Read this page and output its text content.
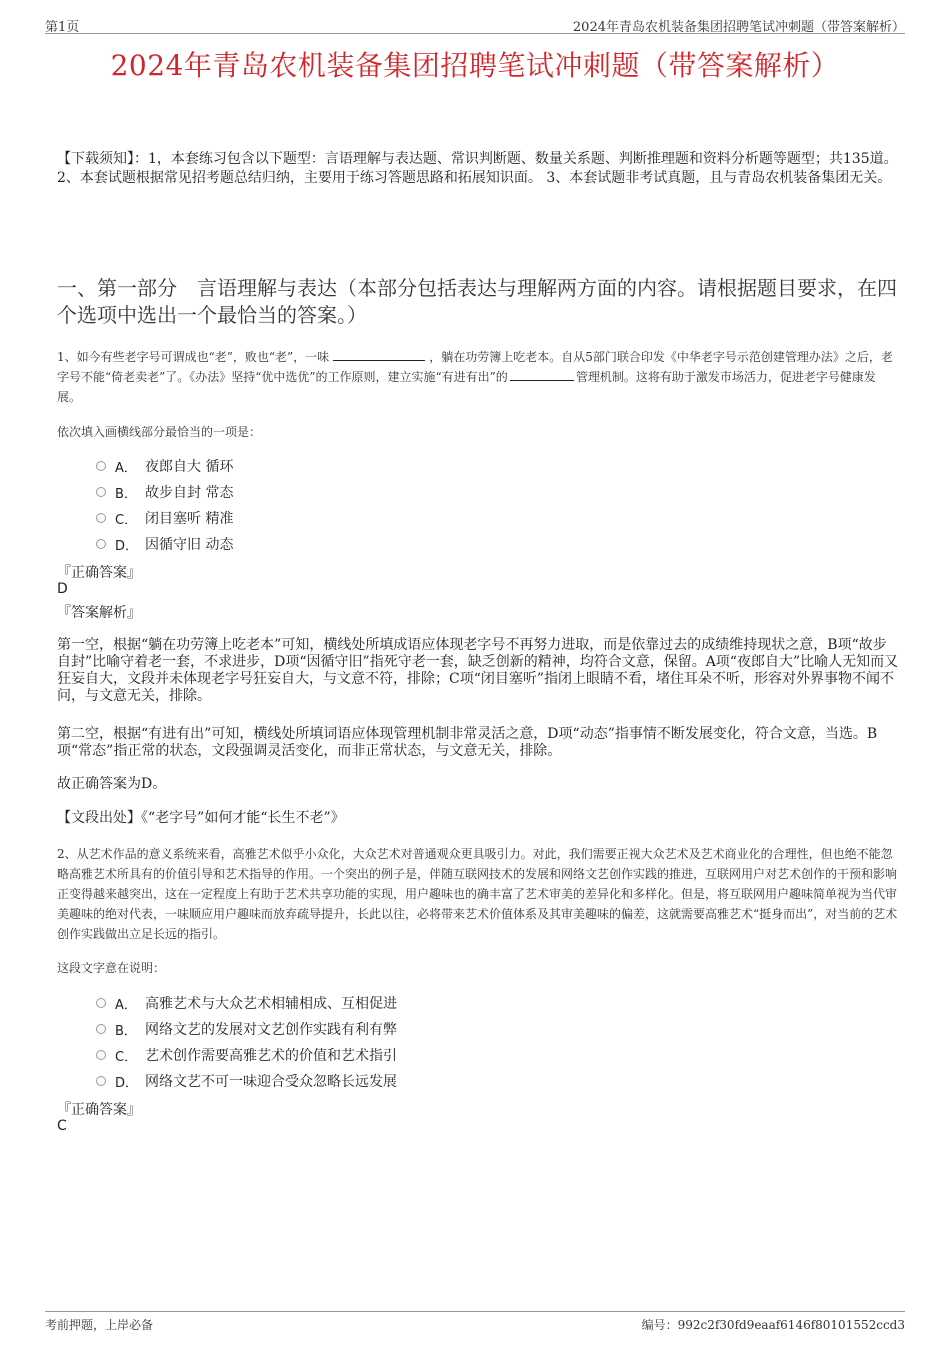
第1页	2024年青岛农机装备集团招聘笔试冲刺题（带答案解析）
2024年青岛农机装备集团招聘笔试冲刺题（带答案解析）
【下载须知】：1，本套练习包含以下题型：言语理解与表达题、常识判断题、数量关系题、判断推理题和资料分析题等题型；共135道。 2、本套试题根据常见招考题总结归纳，主要用于练习答题思路和拓展知识面。 3、本套试题非考试真题，且与青岛农机装备集团无关。
一、第一部分　言语理解与表达（本部分包括表达与理解两方面的内容。请根据题目要求，在四个选项中选出一个最恰当的答案。）
1、如今有些老字号可谓成也“老”，败也“老”，一味	，躺在功劳簿上吃老本。自从5部门联合印发《中华老字号示范创建管理办法》之后，老字号不能“倚老卖老”了。《办法》坚持“优中选优”的工作原则，建立实施“有进有出”的	管理机制。这将有助于激发市场活力，促进老字号健康发展。
依次填入画横线部分最恰当的一项是：
A． 夜郎自大 循环
B． 故步自封 常态
C． 闭目塞听 精准
D． 因循守旧 动态
『正确答案』
D
『答案解析』
第一空，根据“躺在功劳簿上吃老本”可知，横线处所填成语应体现老字号不再努力进取，而是依靠过去的成绩维持现状之意，B项“故步自封”比喻守着老一套，不求进步，D项“因循守旧”指死守老一套，缺乏创新的精神，均符合文意，保留。A项“夜郎自大”比喻人无知而又狂妄自大，文段并未体现老字号狂妄自大，与文意不符，排除；C项“闭目塞听”指闭上眼睛不看，堵住耳朵不听，形容对外界事物不闻不问，与文意无关，排除。
第二空，根据“有进有出”可知，横线处所填词语应体现管理机制非常灵活之意，D项“动态”指事情不断发展变化，符合文意，当选。B项“常态”指正常的状态，文段强调灵活变化，而非正常状态，与文意无关，排除。
故正确答案为D。
【文段出处】《“老字号”如何才能“长生不老”》
2、从艺术作品的意义系统来看，高雅艺术似乎小众化，大众艺术对普通观众更具吸引力。对此，我们需要正视大众艺术及艺术商业化的合理性，但也绝不能忽略高雅艺术所具有的价值引导和艺术指导的作用。一个突出的例子是，伴随互联网技术的发展和网络文艺创作实践的推进，互联网用户对艺术创作的干预和影响正变得越来越突出，这在一定程度上有助于艺术共享功能的实现，用户趣味也的确丰富了艺术审美的差异化和多样化。但是，将互联网用户趣味简单视为当代审美趣味的绝对代表，一味顺应用户趣味而放弃疏导提升，长此以往，必将带来艺术价值体系及其审美趣味的偏差，这就需要高雅艺术“挺身而出”，对当前的艺术创作实践做出立足长远的指引。
这段文字意在说明：
A． 高雅艺术与大众艺术相辅相成、互相促进
B． 网络文艺的发展对文艺创作实践有利有弊
C． 艺术创作需要高雅艺术的价值和艺术指引
D． 网络文艺不可一味迎合受众忽略长远发展
『正确答案』
C
考前押题，上岸必备	编号：992c2f30fd9eaaf6146f80101552ccd3
